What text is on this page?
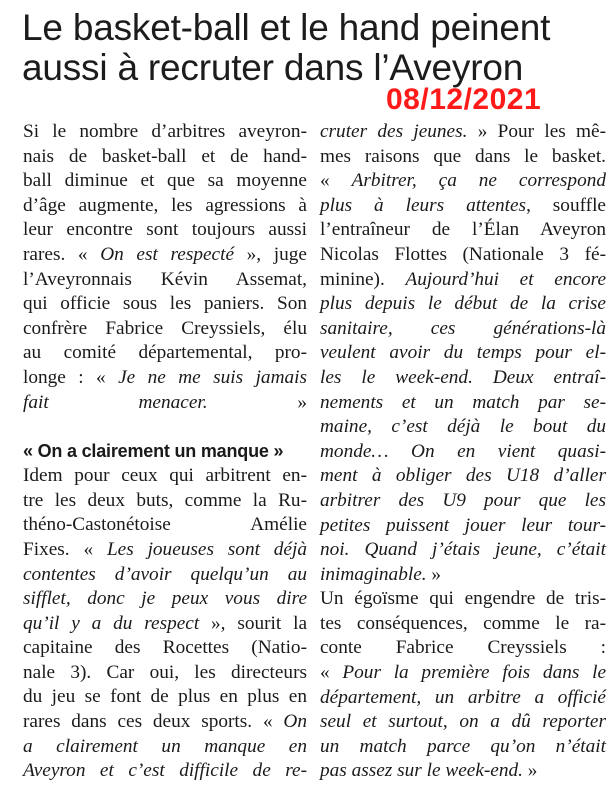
Le basket-ball et le hand peinent
aussi à recruter dans l’Aveyron
08/12/2021

Si le nombre d’arbitres aveyron-
nais de basket-ball et de hand-
ball diminue et que sa moyenne
d’âge augmente, les agressions à
leur encontre sont toujours aussi
rares. « On est respecté », juge
l’Aveyronnais Kévin Assemat,
qui officie sous les paniers. Son
confrère Fabrice Creyssiels, élu
au comité départemental, pro-
longe : « Je ne me suis jamais
fait menacer. »

« On a clairement un manque »

Idem pour ceux qui arbitrent en-
tre les deux buts, comme la Ru-
thénо-Castonétoise Amélie
Fixes. « Les joueuses sont déjà
contentes d’avoir quelqu’un au
sifflet, donc je peux vous dire
qu’il y a du respect », sourit la
capitaine des Rocettes (Natio-
nale 3). Car oui, les directeurs
du jeu se font de plus en plus en
rares dans ces deux sports. « On
a clairement un manque en
Aveyron et c’est difficile de re-

cruter des jeunes. » Pour les mê-
mes raisons que dans le basket.
« Arbitrer, ça ne correspond
plus à leurs attentes, souffle
l’entraîneur de l’Élan Aveyron
Nicolas Flottes (Nationale 3 fé-
minine). Aujourd’hui et encore
plus depuis le début de la crise
sanitaire, ces générations-là
veulent avoir du temps pour el-
les le week-end. Deux entraî-
nements et un match par se-
maine, c’est déjà le bout du
monde… On en vient quasi-
ment à obliger des U18 d’aller
arbitrer des U9 pour que les
petites puissent jouer leur tour-
noi. Quand j’étais jeune, c’était
inimaginable. »

Un égoïsme qui engendre de tris-
tes conséquences, comme le ra-
conte Fabrice Creyssiels :
« Pour la première fois dans le
département, un arbitre a officié
seul et surtout, on a dû reporter
un match parce qu’on n’était
pas assez sur le week-end. »
